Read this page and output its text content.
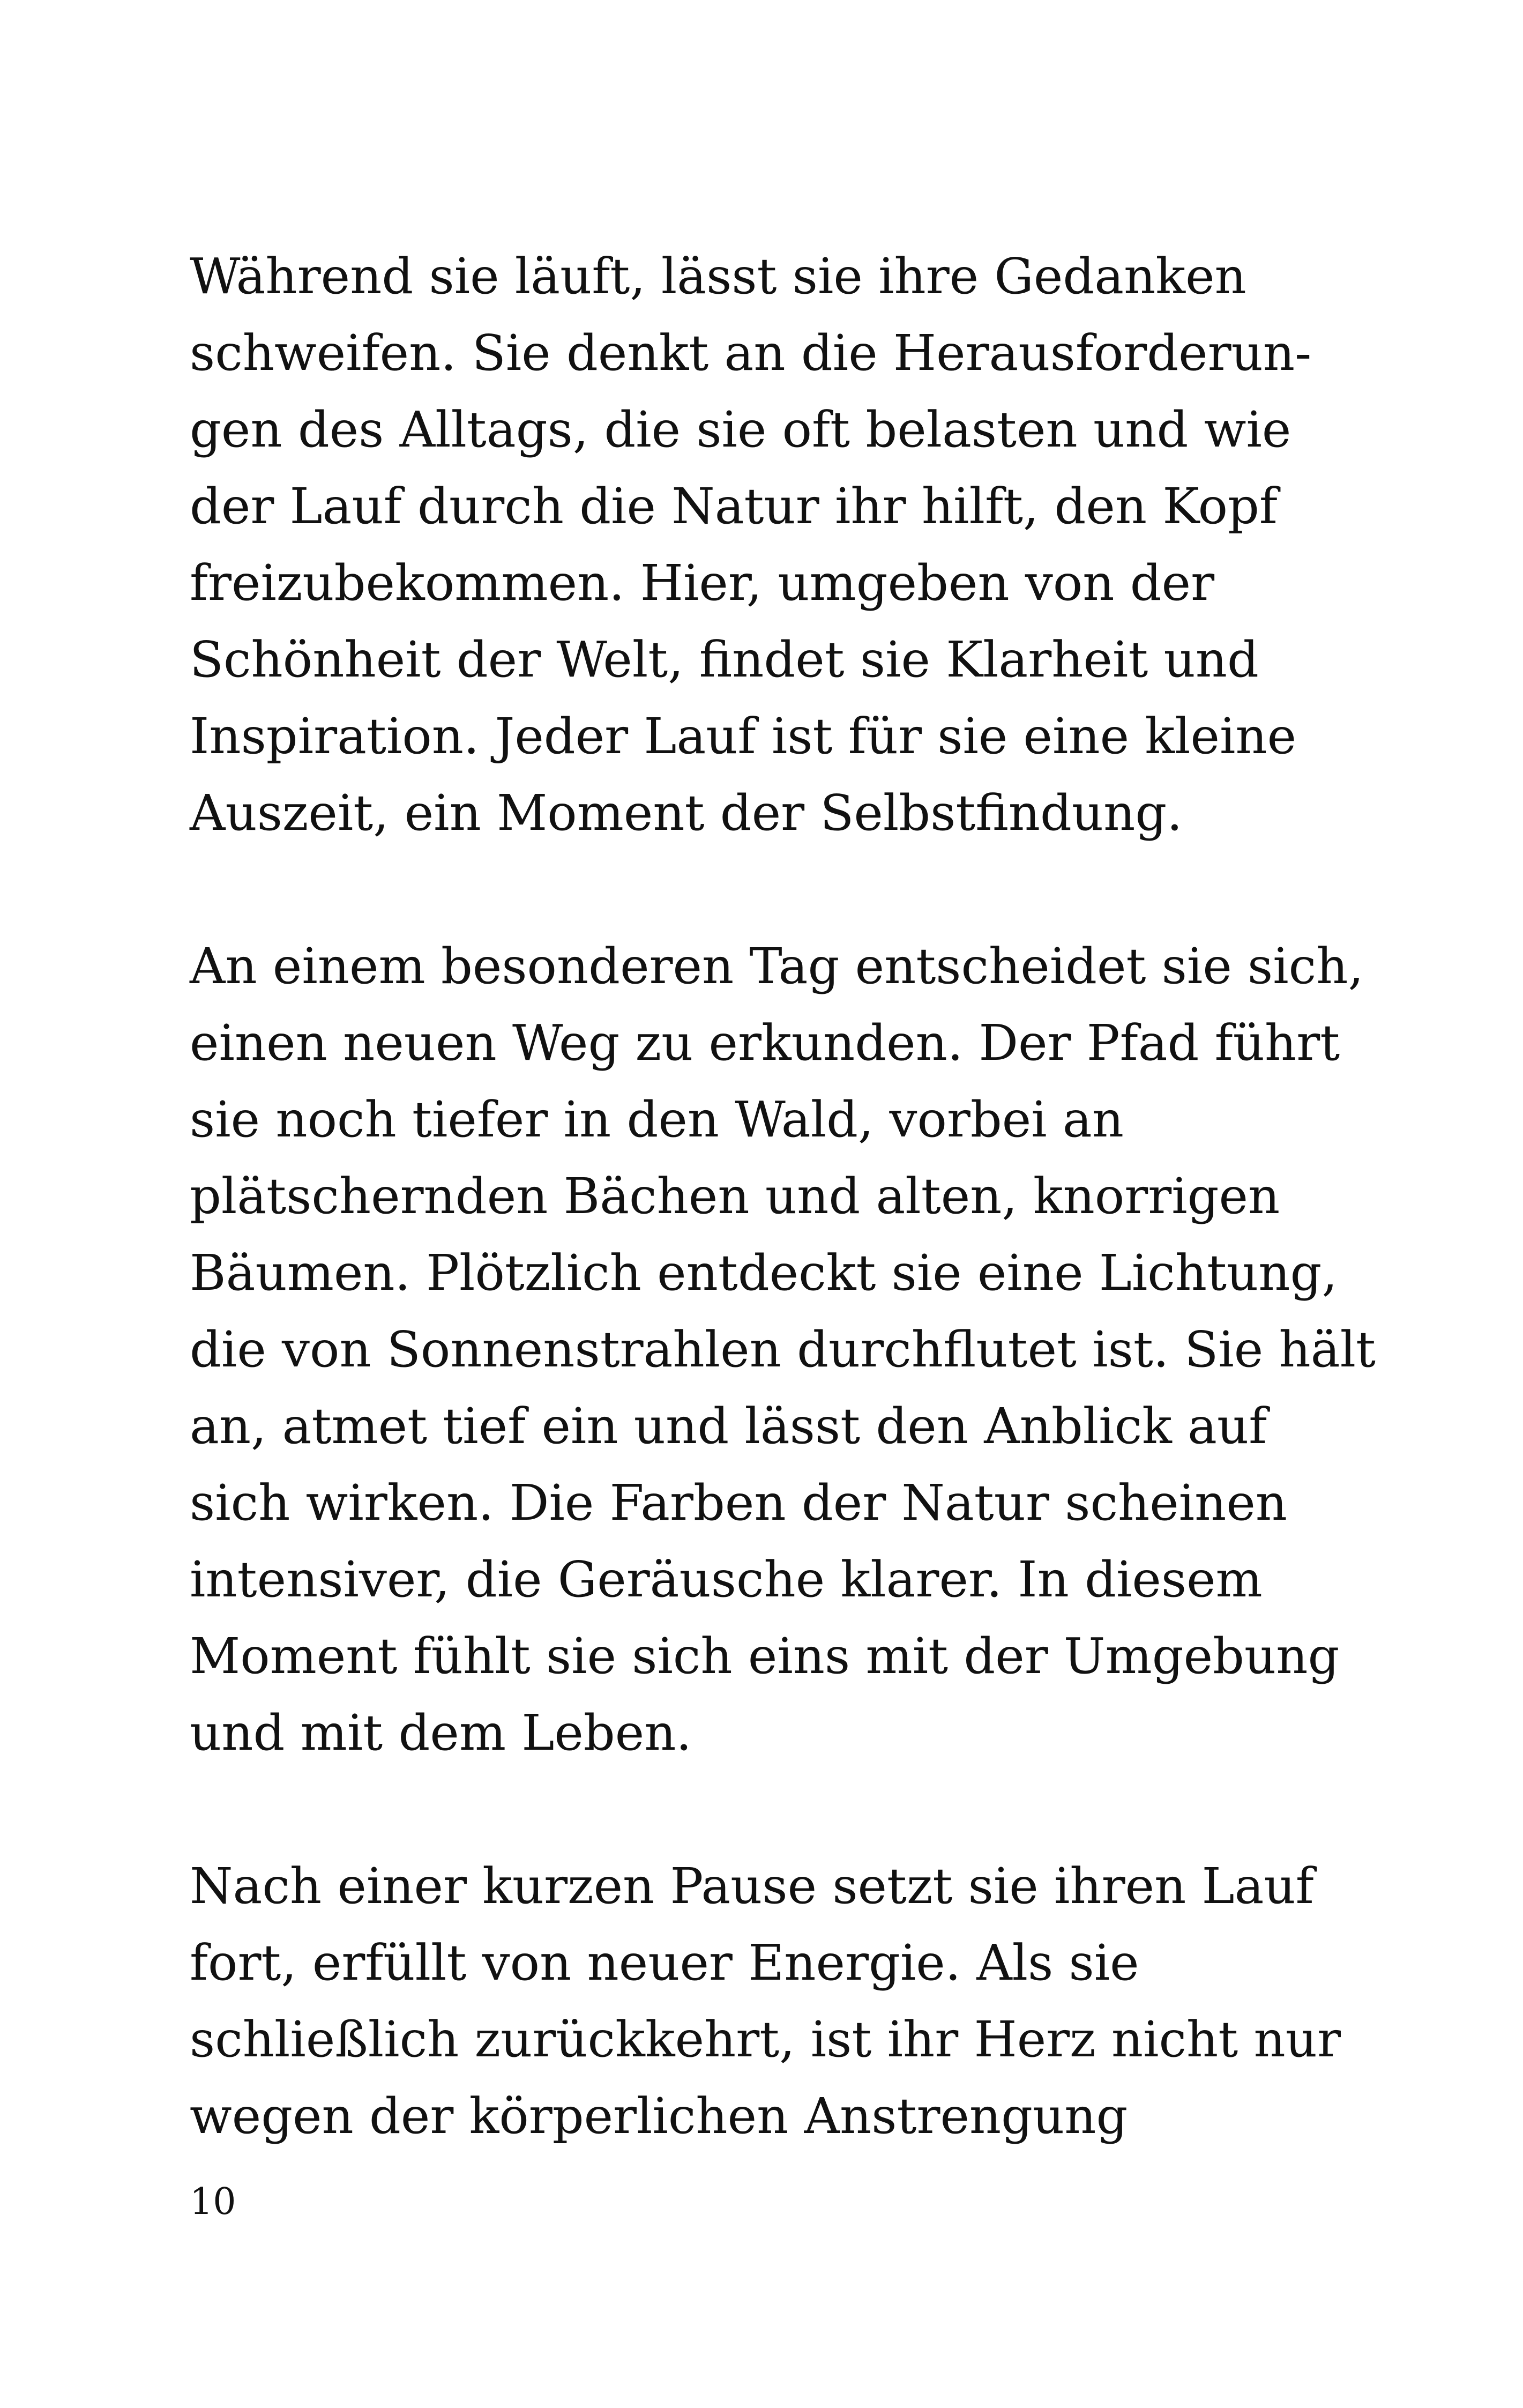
Während sie läuft, lässt sie ihre Gedanken
schweifen. Sie denkt an die Herausforderun-
gen des Alltags, die sie oft belasten und wie
der Lauf durch die Natur ihr hilft, den Kopf
freizubekommen. Hier, umgeben von der
Schönheit der Welt, findet sie Klarheit und
Inspiration. Jeder Lauf ist für sie eine kleine
Auszeit, ein Moment der Selbstfindung.

An einem besonderen Tag entscheidet sie sich,
einen neuen Weg zu erkunden. Der Pfad führt
sie noch tiefer in den Wald, vorbei an
plätschernden Bächen und alten, knorrigen
Bäumen. Plötzlich entdeckt sie eine Lichtung,
die von Sonnenstrahlen durchflutet ist. Sie hält
an, atmet tief ein und lässt den Anblick auf
sich wirken. Die Farben der Natur scheinen
intensiver, die Geräusche klarer. In diesem
Moment fühlt sie sich eins mit der Umgebung
und mit dem Leben.

Nach einer kurzen Pause setzt sie ihren Lauf
fort, erfüllt von neuer Energie. Als sie
schließlich zurückkehrt, ist ihr Herz nicht nur
wegen der körperlichen Anstrengung

10
